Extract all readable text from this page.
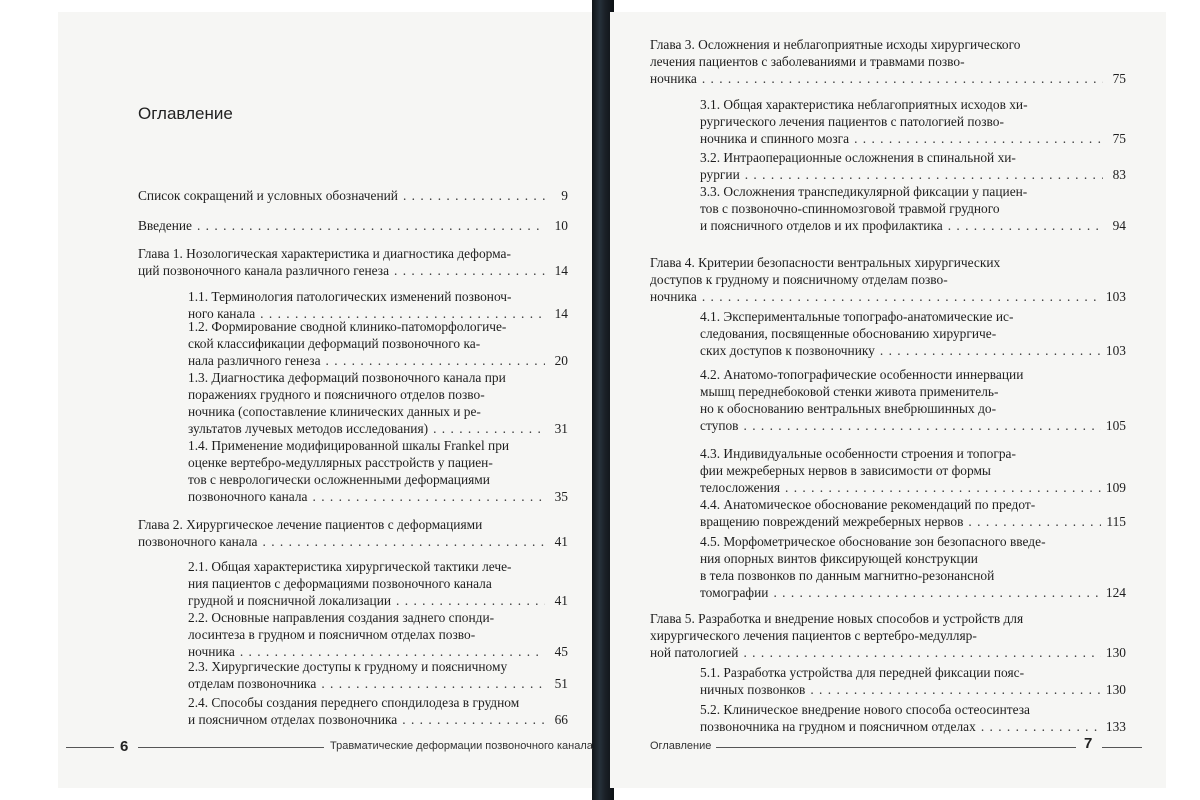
Оглавление
Список сокращений и условных обозначений . . .	9
Введение . . .	10
Глава 1. Нозологическая характеристика и диагностика деформа-
ций позвоночного канала различного генеза . . .	14
1.1. Терминология патологических изменений позвоноч-
ного канала . . .	14
1.2. Формирование сводной клинико-патоморфологиче-
ской классификации деформаций позвоночного ка-
нала различного генеза . . .	20
1.3. Диагностика деформаций позвоночного канала при
поражениях грудного и поясничного отделов позво-
ночника (сопоставление клинических данных и ре-
зультатов лучевых методов исследования) . . .	31
1.4. Применение модифицированной шкалы Frankel при
оценке вертебро-медуллярных расстройств у пациен-
тов с неврологически осложненными деформациями
позвоночного канала . . .	35
Глава 2. Хирургическое лечение пациентов с деформациями
позвоночного канала . . .	41
2.1. Общая характеристика хирургической тактики лече-
ния пациентов с деформациями позвоночного канала
грудной и поясничной локализации . . .	41
2.2. Основные направления создания заднего спонди-
лосинтеза в грудном и поясничном отделах позво-
ночника . . .	45
2.3. Хирургические доступы к грудному и поясничному
отделам позвоночника . . .	51
2.4. Способы создания переднего спондилодеза в грудном
и поясничном отделах позвоночника . . .	66
Глава 3. Осложнения и неблагоприятные исходы хирургического
лечения пациентов с заболеваниями и травмами позво-
ночника . . .	75
3.1. Общая характеристика неблагоприятных исходов хи-
рургического лечения пациентов с патологией позво-
ночника и спинного мозга . . .	75
3.2. Интраоперационные осложнения в спинальной хи-
рургии . . .	83
3.3. Осложнения транспедикулярной фиксации у пациен-
тов с позвоночно-спинномозговой травмой грудного
и поясничного отделов и их профилактика . . .	94
Глава 4. Критерии безопасности вентральных хирургических
доступов к грудному и поясничному отделам позво-
ночника . . .	103
4.1. Экспериментальные топографо-анатомические ис-
следования, посвященные обоснованию хирургиче-
ских доступов к позвоночнику . . .	103
4.2. Анатомо-топографические особенности иннервации
мышц переднебоковой стенки живота применитель-
но к обоснованию вентральных внебрюшинных до-
ступов . . .	105
4.3. Индивидуальные особенности строения и топогра-
фии межреберных нервов в зависимости от формы
телосложения . . .	109
4.4. Анатомическое обоснование рекомендаций по предот-
вращению повреждений межреберных нервов . . .	115
4.5. Морфометрическое обоснование зон безопасного введе-
ния опорных винтов фиксирующей конструкции
в тела позвонков по данным магнитно-резонансной
томографии . . .	124
Глава 5. Разработка и внедрение новых способов и устройств для
хирургического лечения пациентов с вертебро-медулляр-
ной патологией . . .	130
5.1. Разработка устройства для передней фиксации пояс-
ничных позвонков . . .	130
5.2. Клиническое внедрение нового способа остеосинтеза
позвоночника на грудном и поясничном отделах . . .	133
6	Травматические деформации позвоночного канала	Оглавление	7
